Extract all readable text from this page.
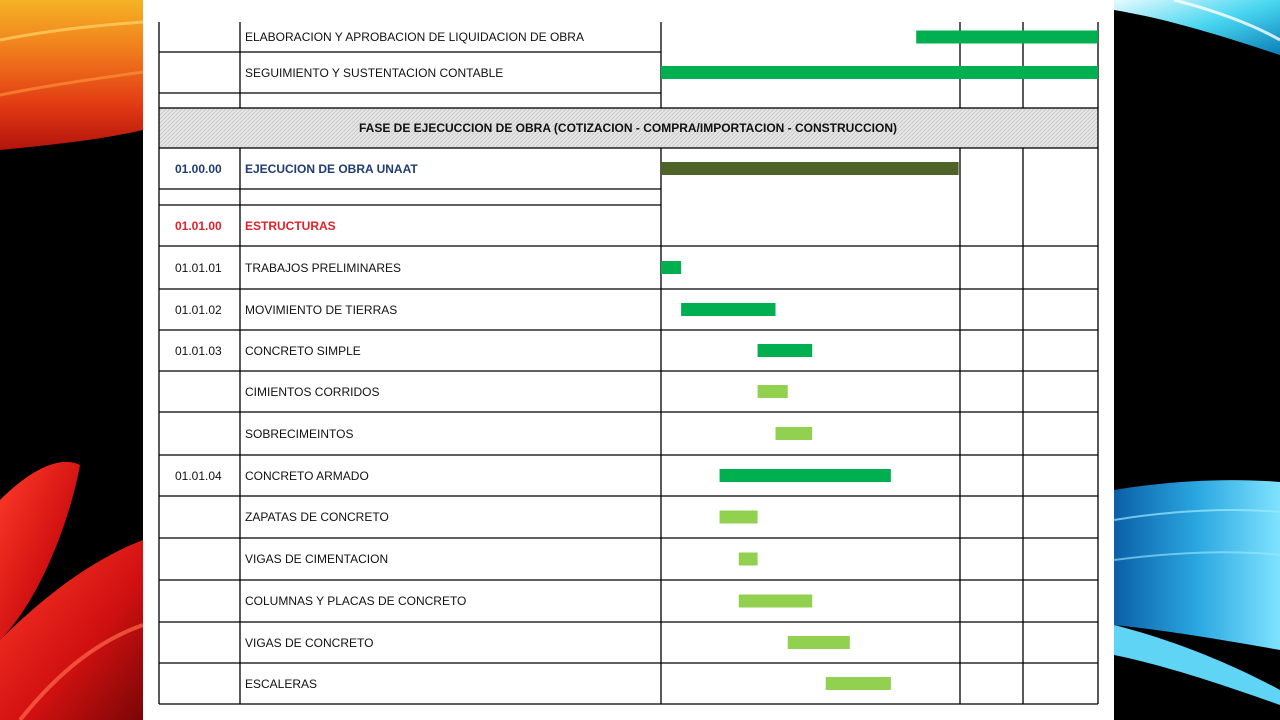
FASE DE EJECUCCION DE OBRA (COTIZACION - COMPRA/IMPORTACION - CONSTRUCCION)
ELABORACION Y APROBACION DE LIQUIDACION DE OBRA
SEGUIMIENTO Y SUSTENTACION CONTABLE
01.00.00 EJECUCION DE OBRA UNAAT
01.01.00 ESTRUCTURAS
01.01.01 TRABAJOS PRELIMINARES
01.01.02 MOVIMIENTO DE TIERRAS
01.01.03 CONCRETO SIMPLE
CIMIENTOS CORRIDOS
SOBRECIMEINTOS
01.01.04 CONCRETO ARMADO
ZAPATAS DE CONCRETO
VIGAS DE CIMENTACION
COLUMNAS Y PLACAS DE CONCRETO
VIGAS DE CONCRETO
ESCALERAS
